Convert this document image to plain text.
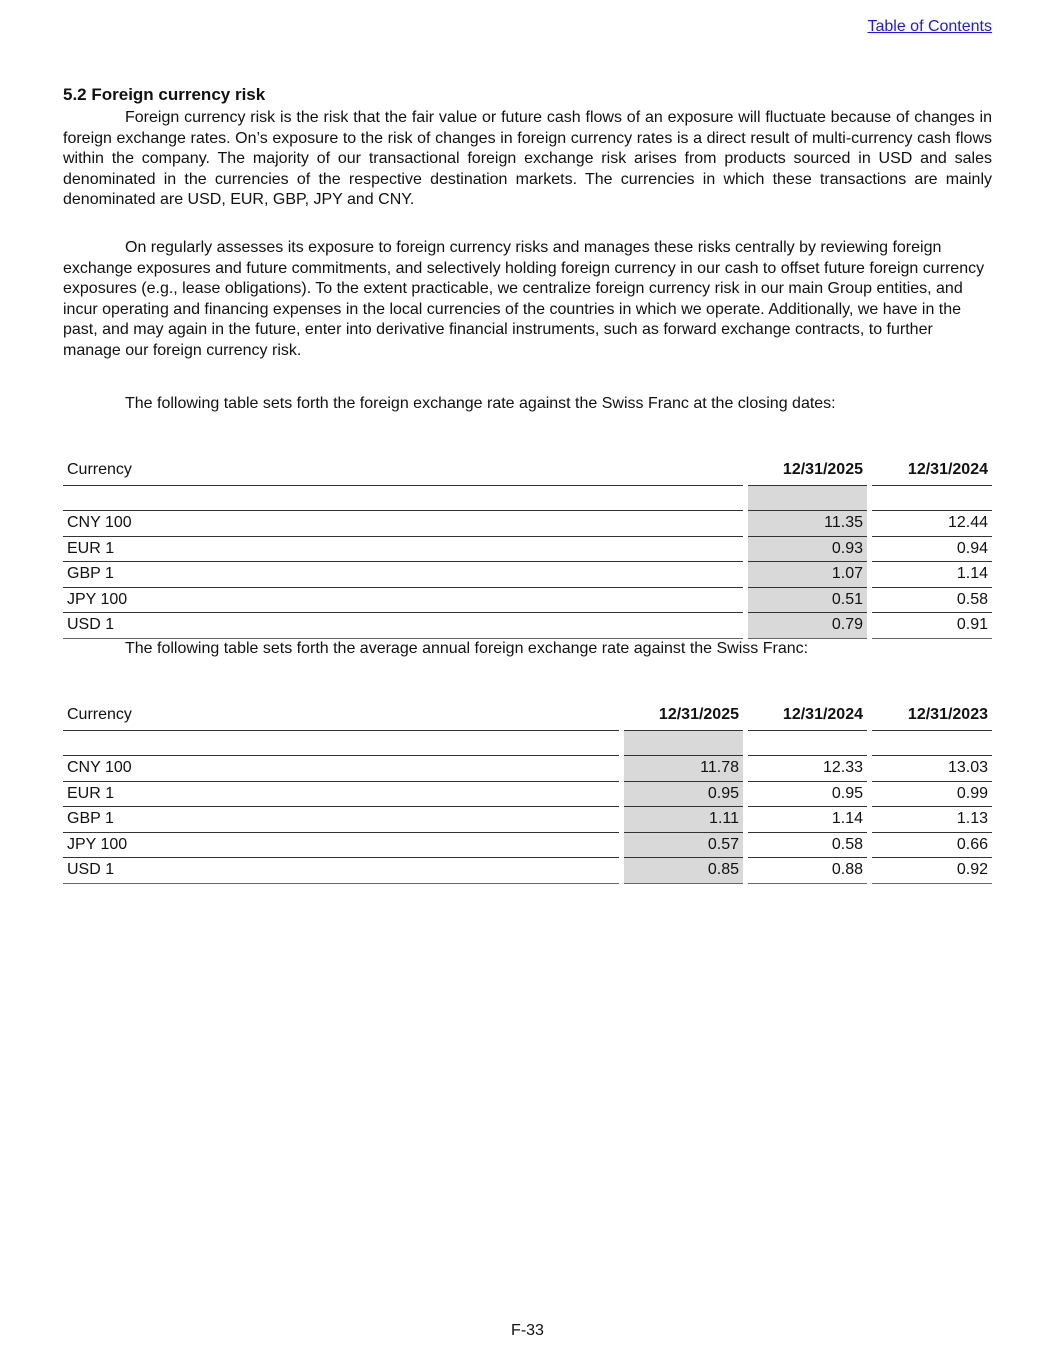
Table of Contents
5.2 Foreign currency risk

Foreign currency risk is the risk that the fair value or future cash flows of an exposure will fluctuate because of changes in foreign exchange rates. On’s exposure to the risk of changes in foreign currency rates is a direct result of multi-currency cash flows within the company. The majority of our transactional foreign exchange risk arises from products sourced in USD and sales denominated in the currencies of the respective destination markets. The currencies in which these transactions are mainly denominated are USD, EUR, GBP, JPY and CNY.

On regularly assesses its exposure to foreign currency risks and manages these risks centrally by reviewing foreign exchange exposures and future commitments, and selectively holding foreign currency in our cash to offset future foreign currency exposures (e.g., lease obligations). To the extent practicable, we centralize foreign currency risk in our main Group entities, and incur operating and financing expenses in the local currencies of the countries in which we operate. Additionally, we have in the past, and may again in the future, enter into derivative financial instruments, such as forward exchange contracts, to further manage our foreign currency risk.

The following table sets forth the foreign exchange rate against the Swiss Franc at the closing dates:

Currency		12/31/2025		12/31/2024

CNY 100		11.35		12.44
EUR 1		0.93		0.94
GBP 1		1.07		1.14
JPY 100		0.51		0.58
USD 1		0.79		0.91

The following table sets forth the average annual foreign exchange rate against the Swiss Franc:

Currency		12/31/2025		12/31/2024		12/31/2023

CNY 100		11.78		12.33		13.03
EUR 1		0.95		0.95		0.99
GBP 1		1.11		1.14		1.13
JPY 100		0.57		0.58		0.66
USD 1		0.85		0.88		0.92
F-33
